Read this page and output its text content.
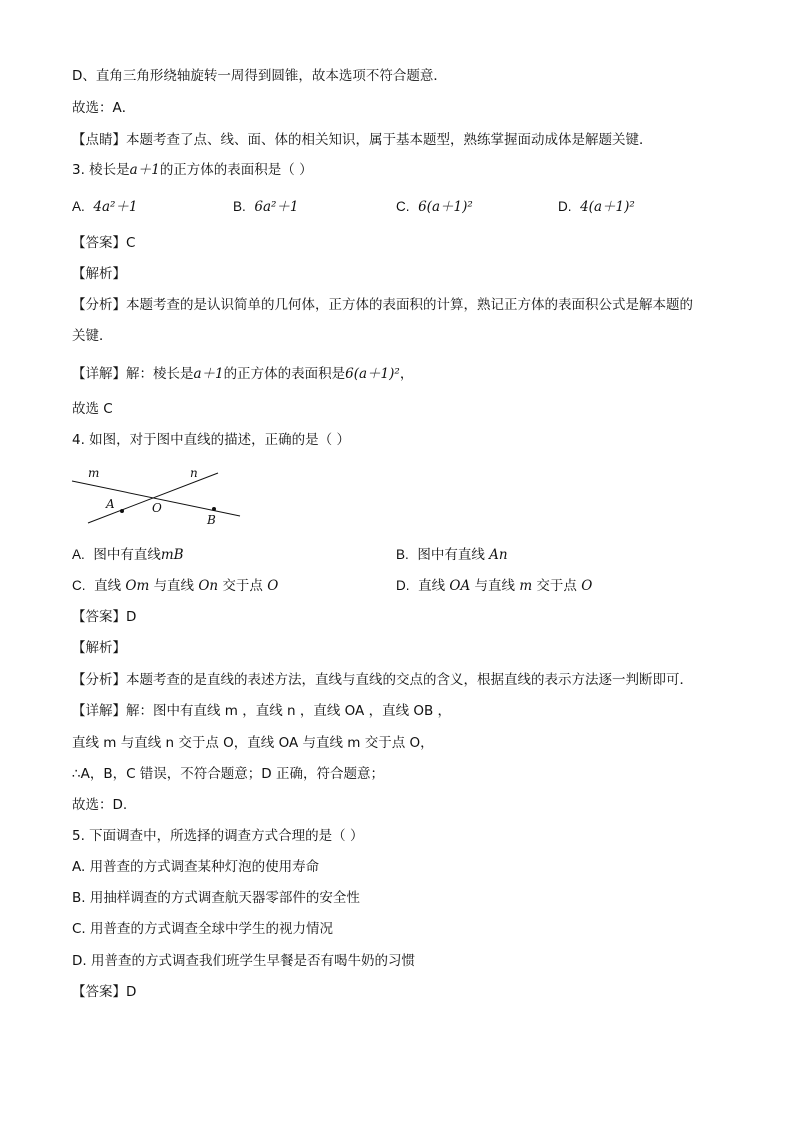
D、直角三角形绕轴旋转一周得到圆锥，故本选项不符合题意．
故选：A．
【点睛】本题考查了点、线、面、体的相关知识，属于基本题型，熟练掌握面动成体是解题关键．
3. 棱长是a＋1的正方体的表面积是（ ）
A. 4a²＋1	B. 6a²＋1	C. 6(a＋1)²	D. 4(a＋1)²
【答案】C
【解析】
【分析】本题考查的是认识简单的几何体，正方体的表面积的计算，熟记正方体的表面积公式是解本题的
关键．
【详解】解：棱长是a＋1的正方体的表面积是6(a＋1)²，
故选 C
4. 如图，对于图中直线的描述，正确的是（ ）
m	n
A	O
B
A. 图中有直线mB	B. 图中有直线 An
C. 直线 Om 与直线 On 交于点 O	D. 直线 OA 与直线 m 交于点 O
【答案】D
【解析】
【分析】本题考查的是直线的表述方法，直线与直线的交点的含义，根据直线的表示方法逐一判断即可．
【详解】解：图中有直线 m ，直线 n ，直线 OA ，直线 OB ，
直线 m 与直线 n 交于点 O，直线 OA 与直线 m 交于点 O，
∴A，B，C 错误，不符合题意；D 正确，符合题意；
故选：D.
5. 下面调查中，所选择的调查方式合理的是（ ）
A. 用普查的方式调查某种灯泡的使用寿命
B. 用抽样调查的方式调查航天器零部件的安全性
C. 用普查的方式调查全球中学生的视力情况
D. 用普查的方式调查我们班学生早餐是否有喝牛奶的习惯
【答案】D
